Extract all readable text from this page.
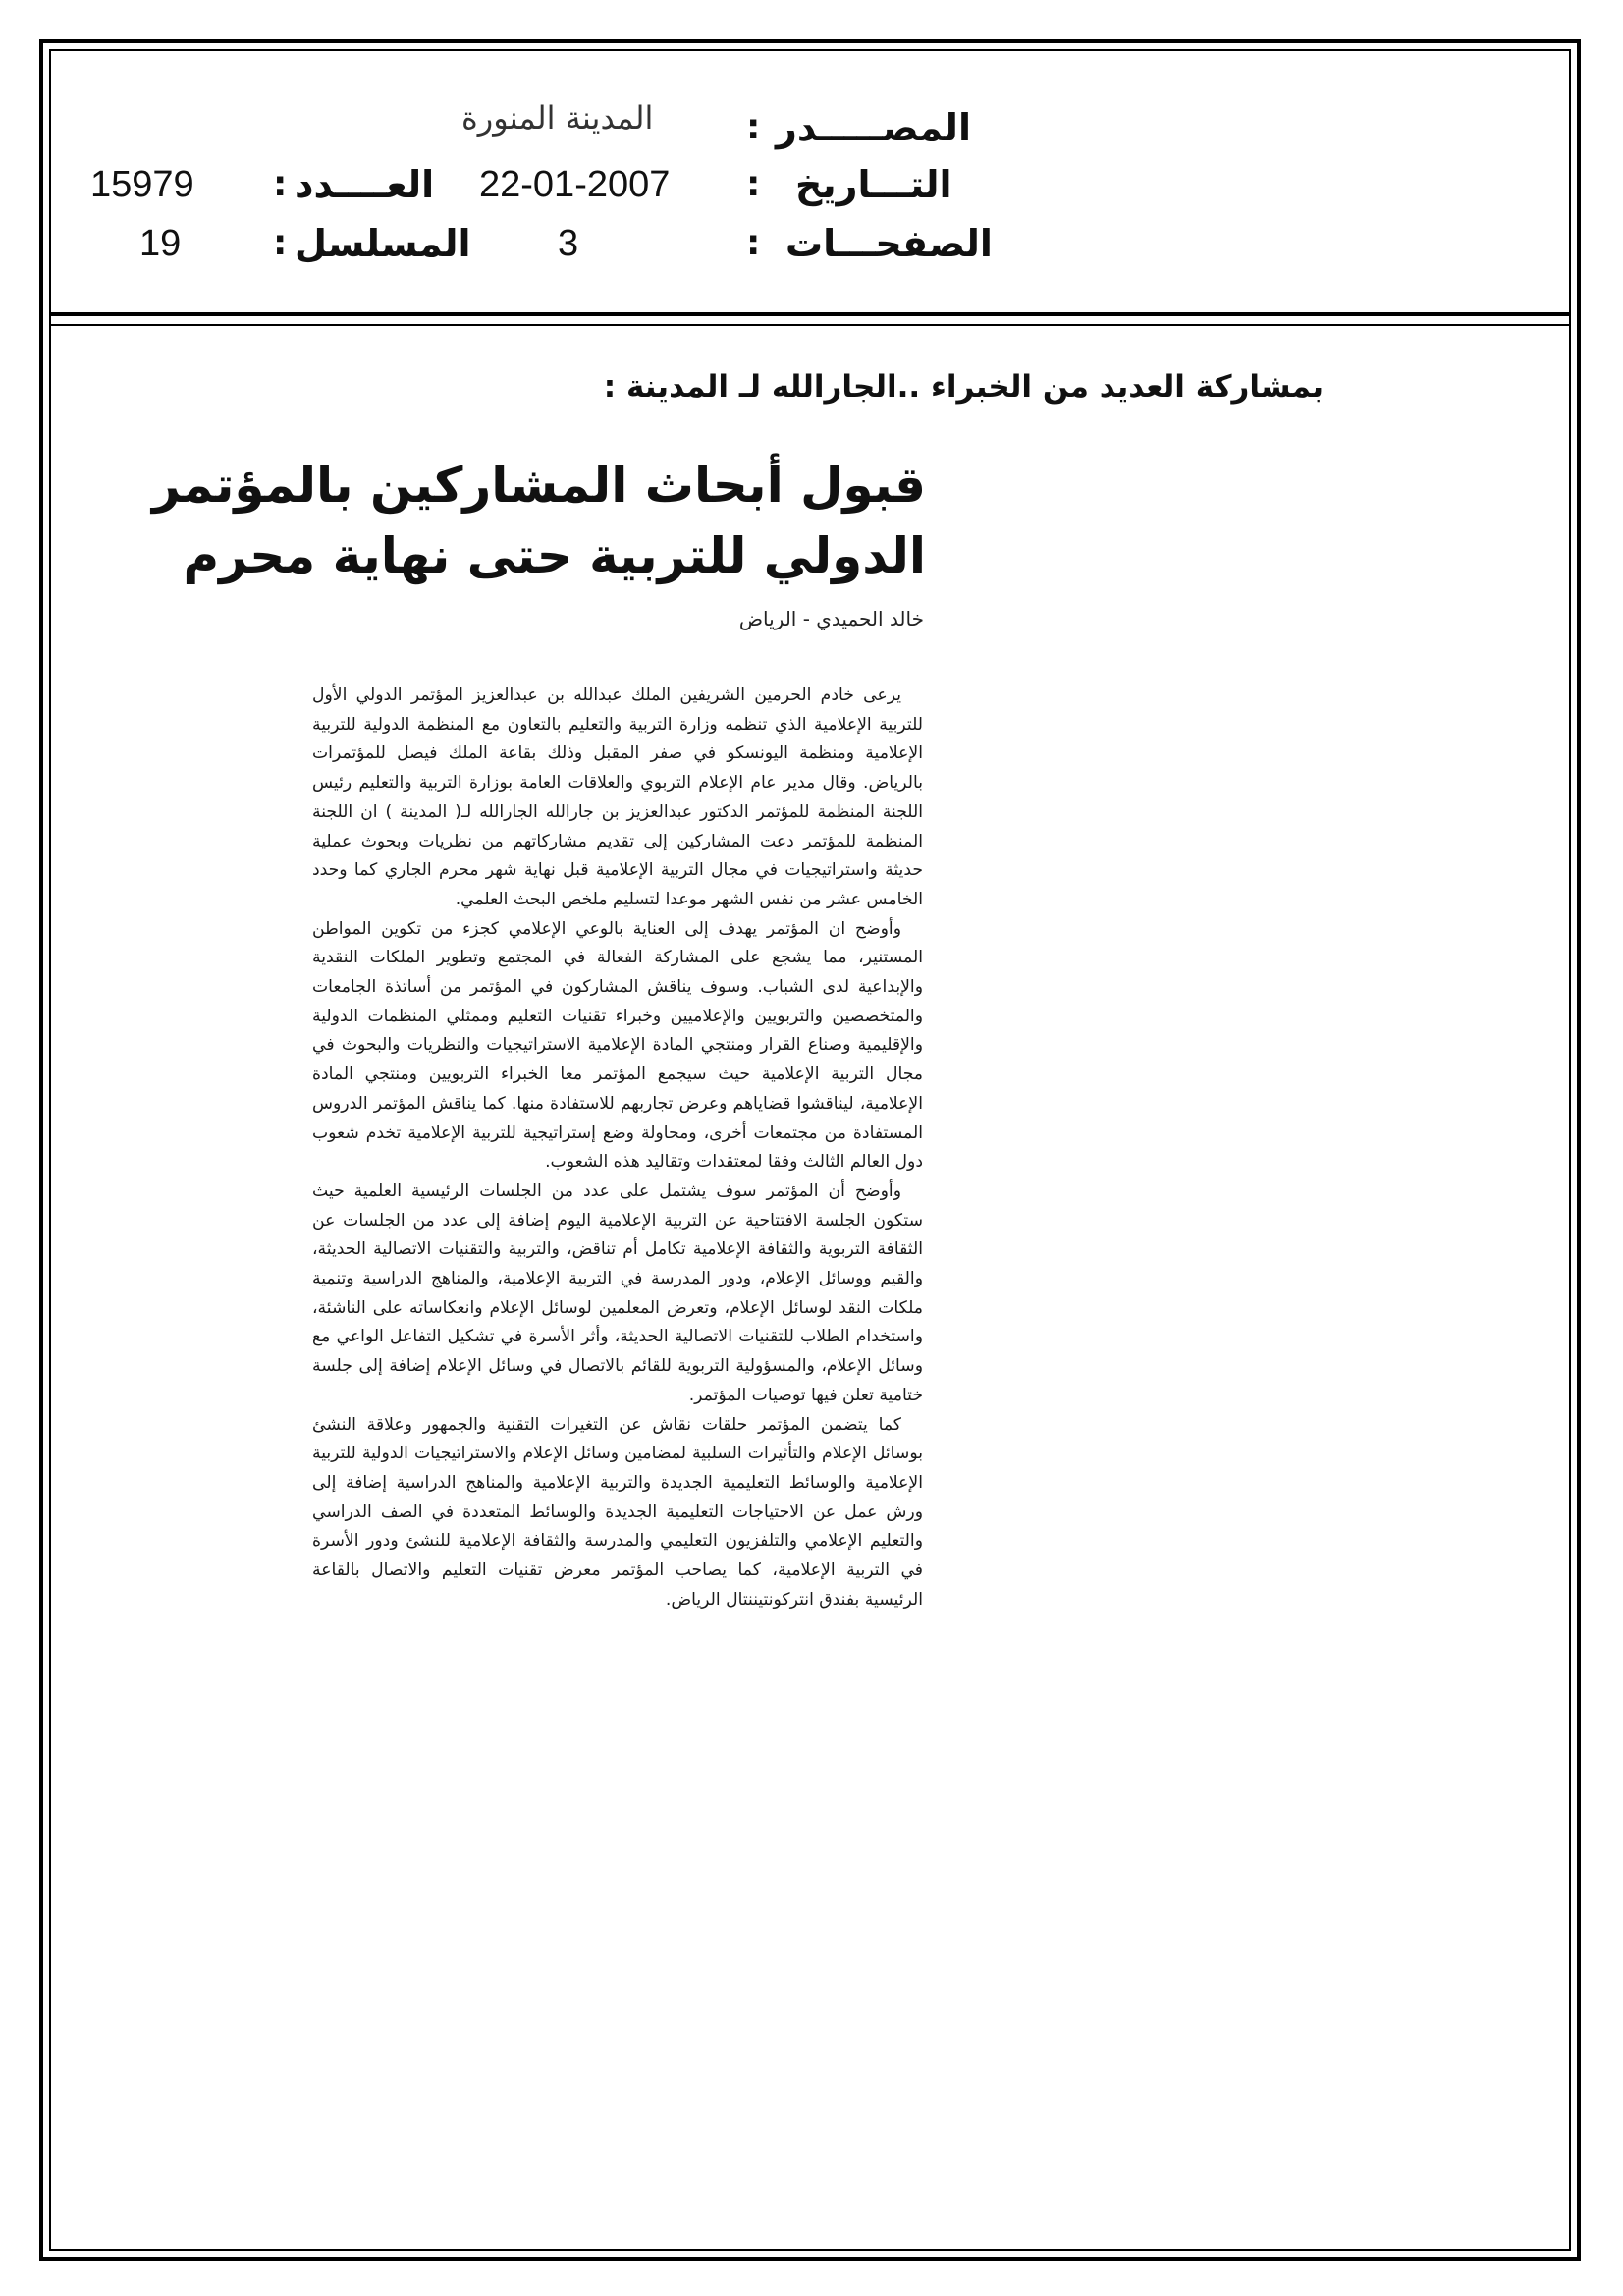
المصـــــدر
:
المدينة المنورة
التـــاريخ
:
22-01-2007
العــــدد
:
15979
الصفحـــات
:
3
المسلسل
:
19
بمشاركة العديد من الخبراء ..الجارالله لـ المدينة :
قبول أبحاث المشاركين بالمؤتمر
الدولي للتربية حتى نهاية محرم
خالد الحميدي - الرياض

يرعى خادم الحرمين الشريفين الملك عبدالله بن عبدالعزيز المؤتمر الدولي الأول للتربية الإعلامية الذي تنظمه وزارة التربية والتعليم بالتعاون مع المنظمة الدولية للتربية الإعلامية ومنظمة اليونسكو في صفر المقبل وذلك بقاعة الملك فيصل للمؤتمرات بالرياض. وقال مدير عام الإعلام التربوي والعلاقات العامة بوزارة التربية والتعليم رئيس اللجنة المنظمة للمؤتمر الدكتور عبدالعزيز بن جارالله الجارالله لـ( المدينة ) ان اللجنة المنظمة للمؤتمر دعت المشاركين إلى تقديم مشاركاتهم من نظريات وبحوث عملية حديثة واستراتيجيات في مجال التربية الإعلامية قبل نهاية شهر محرم الجاري كما وحدد الخامس عشر من نفس الشهر موعدا لتسليم ملخص البحث العلمي.

وأوضح ان المؤتمر يهدف إلى العناية بالوعي الإعلامي كجزء من تكوين المواطن المستنير، مما يشجع على المشاركة الفعالة في المجتمع وتطوير الملكات النقدية والإبداعية لدى الشباب. وسوف يناقش المشاركون في المؤتمر من أساتذة الجامعات والمتخصصين والتربويين والإعلاميين وخبراء تقنيات التعليم وممثلي المنظمات الدولية والإقليمية وصناع القرار ومنتجي المادة الإعلامية الاستراتيجيات والنظريات والبحوث في مجال التربية الإعلامية حيث سيجمع المؤتمر معا الخبراء التربويين ومنتجي المادة الإعلامية، ليناقشوا قضاياهم وعرض تجاربهم للاستفادة منها. كما يناقش المؤتمر الدروس المستفادة من مجتمعات أخرى، ومحاولة وضع إستراتيجية للتربية الإعلامية تخدم شعوب دول العالم الثالث وفقا لمعتقدات وتقاليد هذه الشعوب.

وأوضح أن المؤتمر سوف يشتمل على عدد من الجلسات الرئيسية العلمية حيث ستكون الجلسة الافتتاحية عن التربية الإعلامية اليوم إضافة إلى عدد من الجلسات عن الثقافة التربوية والثقافة الإعلامية تكامل أم تناقض، والتربية والتقنيات الاتصالية الحديثة، والقيم ووسائل الإعلام، ودور المدرسة في التربية الإعلامية، والمناهج الدراسية وتنمية ملكات النقد لوسائل الإعلام، وتعرض المعلمين لوسائل الإعلام وانعكاساته على الناشئة، واستخدام الطلاب للتقنيات الاتصالية الحديثة، وأثر الأسرة في تشكيل التفاعل الواعي مع وسائل الإعلام، والمسؤولية التربوية للقائم بالاتصال في وسائل الإعلام إضافة إلى جلسة ختامية تعلن فيها توصيات المؤتمر.

كما يتضمن المؤتمر حلقات نقاش عن التغيرات التقنية والجمهور وعلاقة النشئ بوسائل الإعلام والتأثيرات السلبية لمضامين وسائل الإعلام والاستراتيجيات الدولية للتربية الإعلامية والوسائط التعليمية الجديدة والتربية الإعلامية والمناهج الدراسية إضافة إلى ورش عمل عن الاحتياجات التعليمية الجديدة والوسائط المتعددة في الصف الدراسي والتعليم الإعلامي والتلفزيون التعليمي والمدرسة والثقافة الإعلامية للنشئ ودور الأسرة في التربية الإعلامية، كما يصاحب المؤتمر معرض تقنيات التعليم والاتصال بالقاعة الرئيسية بفندق انتركونتيننتال الرياض.
